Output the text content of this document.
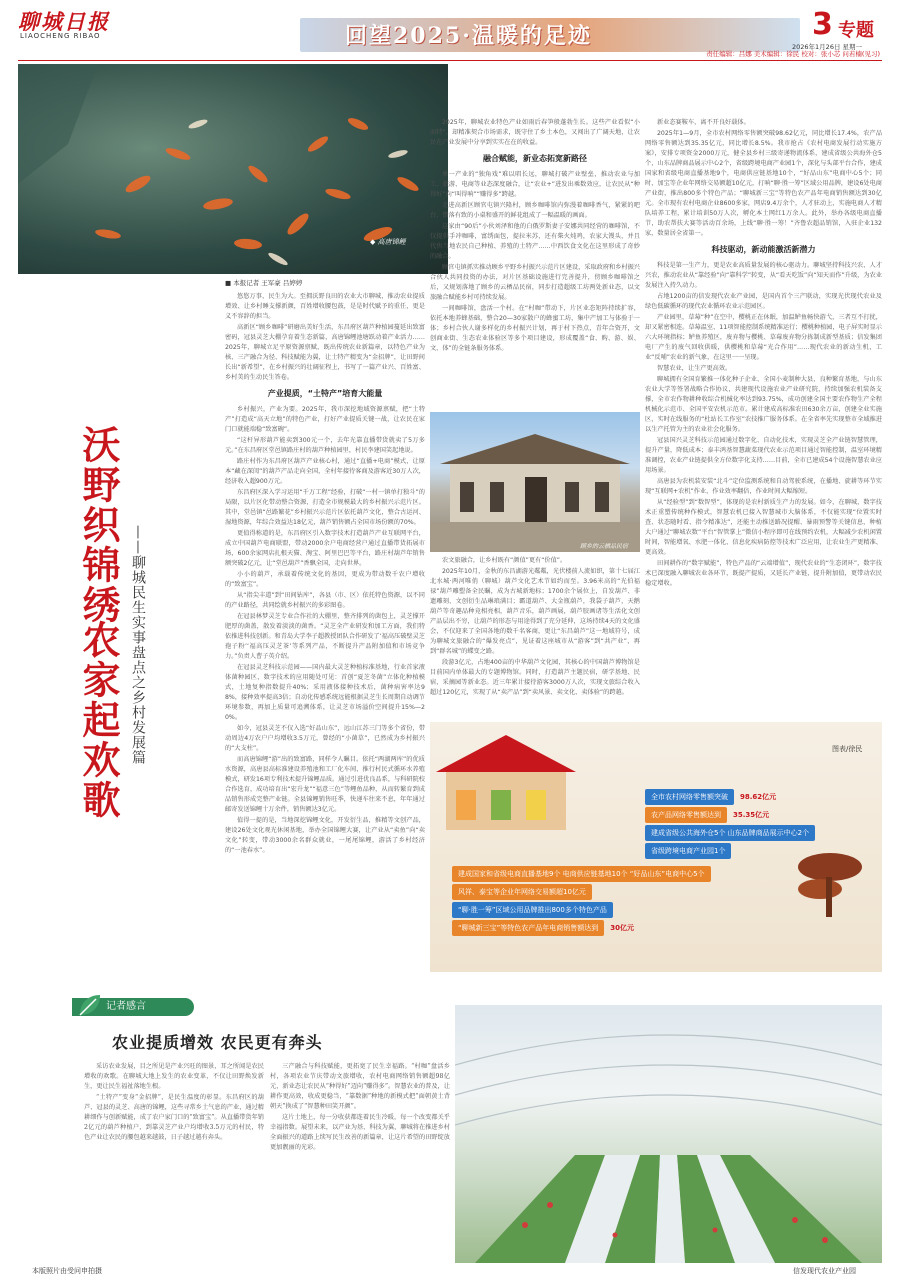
聊城日报
LIAOCHENG RIBAO	回望2025·温暖的足迹	3 专题
2026年1月26日 星期一
责任编辑：吕娜 美术编辑：徐民 校对：张小芯 问若楠(见习)
◆ 高唐锦鲤
沃野织锦绣
农家起欢歌 ——聊城民生实事盘点之乡村发展篇
■ 本报记者 王军豪 吕婷婷

悠悠万事，民生为大。至拥沃野良田的农业大市聊城，推动农业提质增效、让乡村睡支撑新颜，百姓增收腰包鼓，是是时代赋予的重任，更是义不容辞的担当。

高新区“顾乡咖啡”研磨出美好生活，东昌府区葫芦种植园蔓延出致富密码，冠县灵芝大棚孕育着生态新篇，高唐锦鲤池塘跃动着产业活力……2025年，聊城立足平原资源禀赋，既出传统农业新篇章，以特色产业为核、三产融合为径、科技赋能为翼，让土特产精变为“金招牌”，让田野间长出“新希望”，在乡村振兴的壮阔征程上，书写了一篇产业兴、百姓富、乡村美的生动民生答卷。

产业提质，“土特产”培育大能量

乡村振兴，产业为要。2025年，我市深挖地域资源禀赋，把“土特产”打造成“高天立地”的特色产业，打好产业提质关键一战，让农民在家门口就能端稳“致富碗”。

“这杆异形葫芦能卖到300元一个，去年光靠直播带货就卖了5万多元。”在东昌府区堂邑镇路庄村的葫芦种植园里，村民李建国笑起地说。

路庄村作为东昌府区葫芦产业核心村，通过“直播+电商”模式，让原本“藏在深闺”的葫芦产品走向全国，全村年接待客商及游客近30万人次，经济收入超900万元。

东昌府区深入学习运用“千万工程”经验，打破“一村一镇单打独斗”的局限，以片区化带动整合资源，打造全市规模最大的乡村振兴示范片区。其中，堂邑镇“邑路繁花”乡村振兴示范片区依托葫芦文化，整合古运河、湿地资源，年综合效益达18亿元，葫芦销售额占全国市场份额的70%。

更值得称道的是，东昌府区引入数字技术打造葫芦产业互联网平台，成立中国葫芦电商联盟，带动2000余户电商经营户通过直播带货拓展市场，600余家网店扎根天猫、淘宝、阿里巴巴等平台，路庄村葫芦年销售额突破2亿元，让“堂邑葫芦”香飘全国，走向世界。

小小的葫芦，承载着传统文化的基因，更成为带动数千农户增收的“致富宝”。

从“指尖丰道”到“田间钻库”，各县（市、区）依托特色资源，以不同的产业路径，共同绘就乡村振兴的多彩图卷。

在冠县林梦灵芝专业合作社的大棚里，整齐排列的菌包上，灵芝撑开肥厚的菌盖，散发着淡淡的菌香。“灵芝全产业研发和加工方面，我们特依推进科技创新。和青岛大学李子超教授团队合作研发了‘福高压破壁灵芝孢子粉’‘福高压灵芝茶’等系列产品，不断提升产品附加值和市场竞争力。”负责人曹子英介绍。

在冠县灵芝科技示范园——国内最大灵芝种植标准基地，行业首家液体菌种园区，数字技术的应用随处可见：首创“夏芝冬菌”立体化种植模式，土地复种指数提升40%；采用液体接种技术后，菌种病害率达98%，接种效率提高3倍；自动化传感系统远能根据灵芝生长周期自动调节环境参数，再加上质量可追溯体系，让灵芝市场溢价空间提升15%—20%。

如今，冠县灵芝不仅入选“好品山东”，远山江苏三门等多个省份，带动周边4万农户户均增收3.5万元，曾经的“小菌草”，已然成为乡村振兴的“大支柱”。

而高唐锦鲤“游”出的致富路，同样令人瞩目。依托“两湖两库”的优质水资源，高唐县高标准建设养殖池和工厂化车间，推行村民式循环水养殖模式，研发16项专利技术提升锦鲤品质。通过引进优良品系，与科研院校合作选育，成功培育出“宏升龙”“福意三色”等鲤鱼品种，从而转繁育到成品销售形成完整产业链。全县锦鲤销售旺季，快递车往来不息，年年通过邮寄发送锦鲤十万余件，销售额达3亿元。

值得一提的是，当地深挖锦鲤文化，开发衍生品，推精等文创产品，建设26处文化观光休闲基地，举办全国锦鲤大赛，让产业从“卖鱼”向“卖文化”转变，带动3000余名群众就业，一尾尾锦鲤，游活了乡村经济的“一池春水”。

2025年，聊城农业特色产业如雨后春笋般蓬勃生长。这些产业看似“小而特”，却精准契合市场需求，既守住了乡土本色，又闯出了广阔天地，让农民在产业发展中分享到实实在在的收益。

融合赋能，新业态拓宽新路径

单一产业的“独角戏”难以唱长远，聊城打破产业壁垒，推动农业与加工、旅游、电商等业态深度融合，让“农业+”进发出乘数效应，让农民从“种得好”向“叫得响”“赚得多”跨越。

走进高新区顾官屯镇兴隆村，顾乡咖啡馆内弥漫着咖啡香气，紧紧的吧台，错落有致的小桌和盛开的鲜花组成了一幅温暖的画面。

这家由“90后”小伙刘泽和他的白俄罗斯妻子安娜共同经营的咖啡馆，不仅提供手冲咖啡，富绣面包，提拉米苏，还有柴火炖鸡，农家大馒头，并且代售当地农民自己种植、养殖的土特产……中西饮食文化在这里形成了奇妙的融合。

顾官屯镇抓实推动顾乡平野乡村振兴示范片区建设，采取政府和乡村振兴合伙人共同投资的办法，对片区基础设施进行完善提升，傍顾乡咖啡馆之后，又规划落地了顾乡的云栖品民宿，同步打造超级工坊两处新业态，以文旅融合赋能乡村可持续发展。

一间咖啡馆，盘活一个村。在“村咖”带动下，片区业态矩阵持续扩容，依托本地养蜂基础，整合20—30家散户的蜂蜜工坊，集中产加工与体验于一体；乡村合伙人谢多样化的乡村振兴计划，再于村下热点，青年合资开，文创商业街、生态农业体验区等多个项目建设，形成覆盖“食、购、游、娱、文、体”的全链条服务体系。

顾乡的云栖品民宿

农文旅融合，让乡村既有“颜值”更有“价值”。

2025年10月，金秋的东昌湖游光粼粼，光伏楼前人流如织，第十七届江北水城·两河唯俏（聊城）葫芦文化艺术节如约而至。3.96米高的“光伯福禄”葫芦雕塑备全民瞩，成为古城新地标；1700余个展位上，自发葫芦、非遗雕刻、文创衍生品琳琅满目；霸道葫芦、大金瓶葫芦，我袋子葫芦，天鹅葫芦等奇趣品种竟相亮相，葫芦音乐，葫芦画展，葫芦胶画诸等生活化文创产品层出不穷，让葫芦的形态与用途得到了充分延伸，这场持续4天的文化盛会，不仅迎来了全国各地的数千名客商，更让“东昌葫芦”这一地域符号，成为聊城文旅融合的“爆发亮点”，见证着这座城市从“游客”到“共产业”，再到“群名城”的蝶变之路。

段游3亿元，占地400亩的中华葫芦文化园，其核心的中国葫芦博物馆是目前国内单体最大的专题博物馆。同时，打造葫芦主题民宿，研学基地、民宿，采摘园等新业态。近三年累计接待游客3000万人次，实现文旅综合收入超过120亿元，实现了从“卖产品”到“卖风景、卖文化、卖体验”的跨越。

新业态赛鞍车，离不开良好载体。

2025年1—9月，全市农村网络零售额突破98.62亿元，同比增长17.4%，农产品网络零售额达到35.35亿元，同比增长8.5%。我市抢占《农村电商发展行动实施方案》，安排专项资金2000万元，健全县乡村三级寄递物流体系，建成省级公共海外仓5个，山东品牌商品展示中心2个，省级跨境电商产业园1个，深化与头部平台合作，建成国家和省级电商直播基地9个，电商供应链基地10个，“好品山东”电商中心5个；同时，加宝等企业年网络交易额超10亿元，打响“聊·胜一筹”区域公用品牌，建设6处电商产业街，推出800多个特色产品；“聊城新三宝”等特色农产品年电商销售额达到30亿元。全市现有农村电商企业8600多家，网店9.4万余个，人才驻动上，实施电商人才精队培养工程，累计培训50万人次，孵化本土网红1万余人。此外，举办各级电商直播节，助农帮扶大赛等活动百余场，上线“聊·胜一筹！”齐鲁农超品销馆，入驻企业132家，数量居全省第一。

科技驱动，新动能激活新潜力

科技是第一生产力，更是农业高质量发展的核心驱动力。聊城坚持科技兴农、人才兴农，推动农业从“靠经验”向“靠科学”转变，从“看天吃饭”向“知天而作”升级，为农业发展注入持久动力。

占地1200亩的信发现代农业产业园，是国内首个三产联动，实现光伏现代农业及绿色低碳循环的现代农业循环农业示范园区。

产业园里，草莓“种”在空中，樱桃正在休眠，加温鲈鱼畅快游弋，三者互不打扰，却又紧密相连。草莓温室、11项智能控制系统精准运行；樱桃种植园，电子屏实时显示六大环境指标；鲈鱼养殖区，废弃物与樱桃、草莓废弃物分拣制成新型基质；信发集团电厂产生的废气回收供暖，供樱桃和草莓“光合作用”……现代农业的新动生机，工业“反哺”农业的新气象，在这里一一呈现。

智慧农业，让生产更高效。

聊城拥有全国育繁推一体化种子企业、全国小麦制种大县，良种繁育基地，与山东农业大学等签署战略合作协议，共建现代设施农业产业研究院，持续加强农机装备支撑，全市农作物耕种收综合机械化率达到93.75%，成功创建全国主要农作物生产全程机械化示范市、全国平安农机示范市。累计建成高标准农田630余万亩，创建全业实施区，实时在线服务的“杜站长工作室”农技推广服务体系。在全省率先实现整市全域推进以生产托管为主的农业社会化服务。

冠县国兴灵芝科技示范园通过数字化、自动化技术，实现灵芝全产业链智慧管理，提升产量，降低成本；泰丰鸿基智慧蔬菜现代农业示范项目通过智能控制，温室环境精准调控，农业产业链提供全方位数字化支持……目前，全市已建成54个设施智慧农业应用场景。

高唐县为农机装安装“北斗”定位监测系统和自动驾驶系统，在播地、旋耕等环节实现“互联网+农机”作业，作业效率翻倍，作业时间大幅缩短。

从“经验型”到“数智型”，体现的是农村新质生产力的发展。如今，在聊城，数字技术正重塑传统种作模式，智慧农机已接入智慧城市大脑体系，不仅能实现“位置实时查、状态随时看、指令精准达”，还能主动推送路况提醒、暴雨预警等关键信息，种植大户通过“聊城农数”平台“智管掌上”微信小程序即可在线预约农机，大幅减少农机闲置时间，智能增氧、水肥一体化、信息化疾病防控等技术广泛应用，让农业生产更精准、更高效。

田间耕作的“数字赋能”，特色产品的“云端增值”，现代农业的“生态闭环”，数字技术已深度融入聊城农业各环节，既提产提质，又延长产业链，提升附加值，更带动农民稳定增收。

图表/徐民
全市农村网络零售额突破	98.62亿元
农产品网络零售额达到	35.35亿元
建成省级公共海外仓5个 山东品牌商品展示中心2个
省级跨境电商产业园1个
建成国家和省级电商直播基地9个 电商供应链基地10个 “好品山东”电商中心5个
风祥、泰宝等企业年网络交易额超10亿元
“聊·胜一筹”区域公用品牌推出800多个特色产品
“聊城新三宝”等特色农产品年电商销售额达到	30亿元
记者感言
农业提质增效 农民更有奔头

采访农业发展，目之所见是产业兴旺的图景，耳之所闻是农民增收的欢歌。在聊城大地上发生的农业变革，不仅让田野焕发新生，更让民生福祉落地生根。

“土特产”变身“金招牌”，是民生温度的彰显。东昌府区的葫芦、冠县的灵芝、高唐的锦鲤，这些寻常乡土气息的产业，通过精耕细作与创新赋能，成了农户家门口的“致富宝”。从直播带货年销2亿元的葫芦种植户，到靠灵芝产业户均增收3.5万元的村民，特色产业让农民的腰包越来越鼓，日子越过越有奔头。

三产融合与科技赋能，更拓宽了民生幸福路。“村咖”盘活乡村，各项农业节庆带动文旅增收，农村电商网络销售额超98亿元，新业态让农民从“种得好”迈向“赚得多”。智慧农业的普及，让耕作更高效，收成更稳当，“靠数据”种地的新模式把“面朝黄土背朝天”换成了“智慧种田笑开颜”。

这片土地上，每一分收获都连着民生冷暖，每一个改变都关乎幸福指数。展望未来，以产业为基、科技为翼，聊城将在推进乡村全面振兴的道路上续写民生改善的新篇章，让这片希望的田野绽放更加靓丽的光彩。

本版照片由受问申拍摄	信发现代农业产业园
